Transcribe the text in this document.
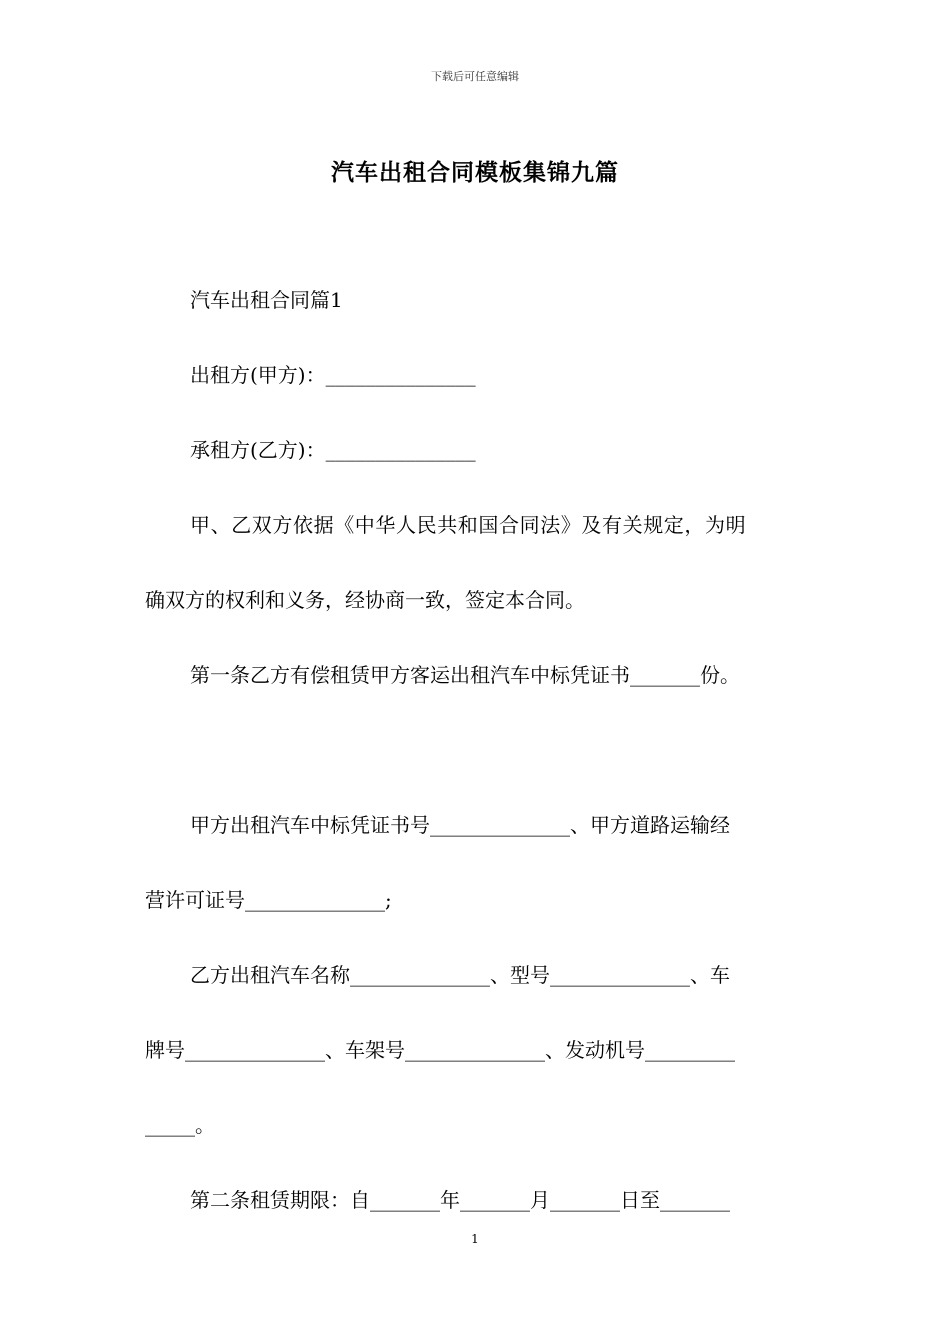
下载后可任意编辑
汽车出租合同模板集锦九篇
汽车出租合同篇1
出租方(甲方)：_______________
承租方(乙方)：_______________
甲、乙双方依据《中华人民共和国合同法》及有关规定，为明
确双方的权利和义务，经协商一致，签定本合同。
第一条乙方有偿租赁甲方客运出租汽车中标凭证书_______份。
甲方出租汽车中标凭证书号______________、甲方道路运输经
营许可证号______________;
乙方出租汽车名称______________、型号______________、车
牌号______________、车架号______________、发动机号_________
_____。
第二条租赁期限：自_______年_______月_______日至_______
1
